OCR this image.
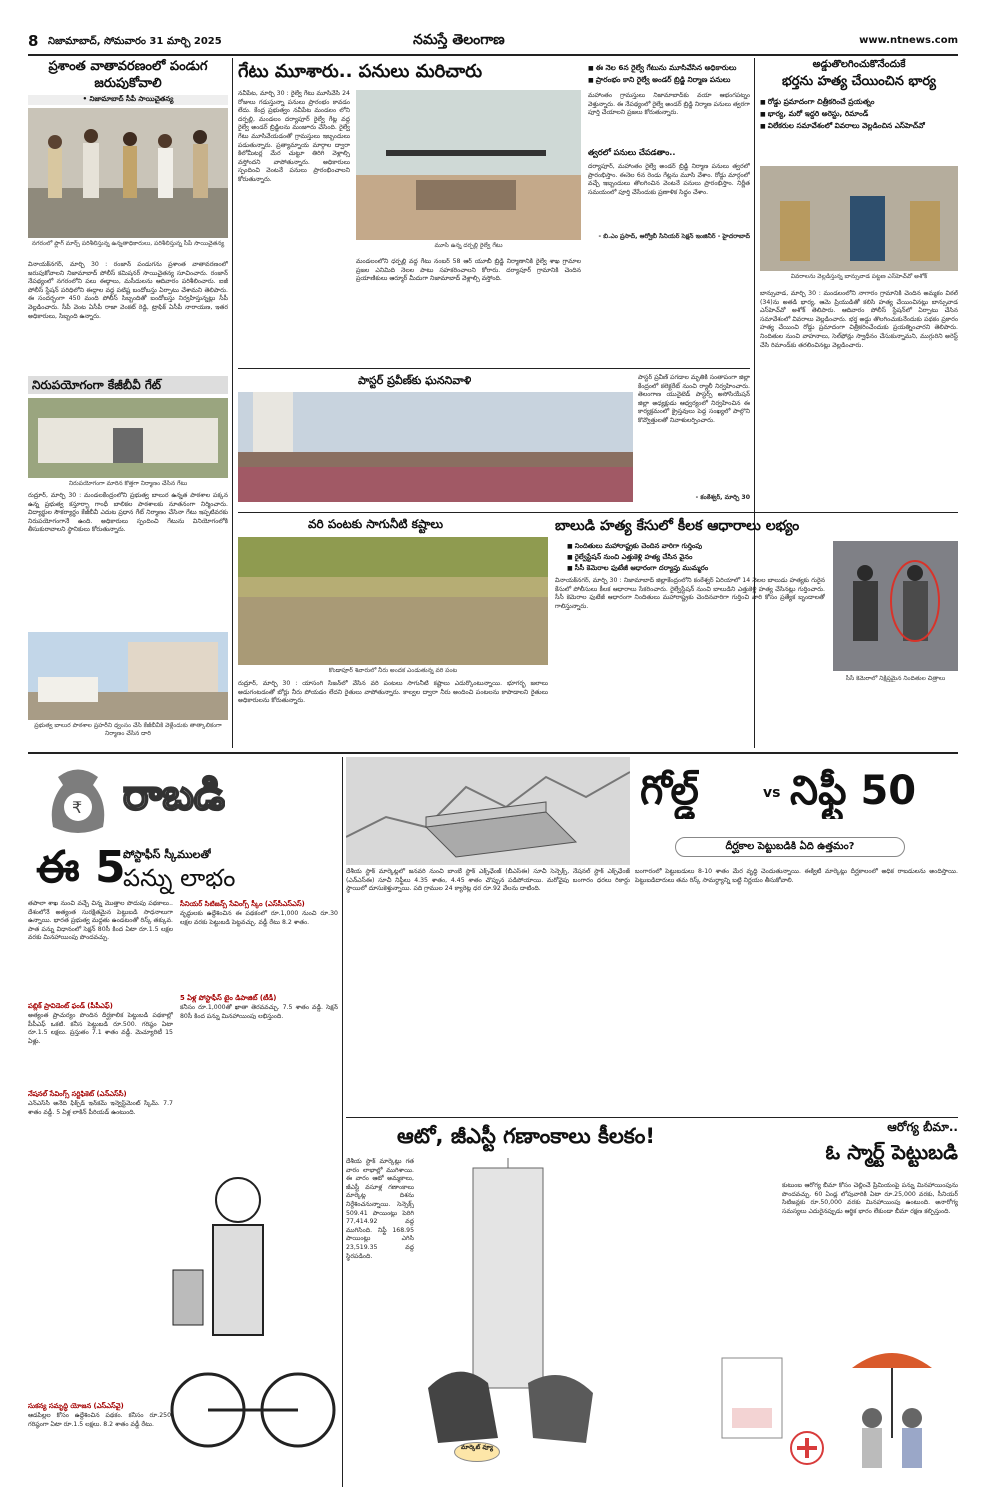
8 నిజామాబాద్, సోమవారం 31 మార్చి 2025	నమస్తే తెలంగాణ	www.ntnews.com
ప్రశాంత వాతావరణంలో పండుగ జరుపుకోవాలి
• నిజామాబాద్ సీపీ సాయిచైతన్య
నగరంలో ఫ్లాగ్ మార్చ్ పరిశీలిస్తున్న ఉన్నతాధికారులు, పరిశీలిస్తున్న సీపీ సాయిచైతన్య
వినాయక్‌నగర్, మార్చి 30 : రంజాన్ పండుగను ప్రశాంత వాతావరణంలో జరుపుకోవాలని నిజామాబాద్ పోలీస్ కమిషనర్ సాయిచైతన్య సూచించారు. రంజాన్ నేపథ్యంలో నగరంలోని పలు ఈద్గాలు, మసీదులను ఆదివారం పరిశీలించారు. ఐజీ పోలీస్ స్టేషన్ పరిధిలోని ఈద్గాల వద్ద పటిష్ట బందోబస్తు ఏర్పాటు చేశామని తెలిపారు. ఈ సందర్భంగా 450 మంది పోలీస్ సిబ్బందితో బందోబస్తు నిర్వహిస్తున్నట్లు సీపీ వెల్లడించారు. సీపీ వెంట ఏసీపీ రాజా వెంకట్ రెడ్డి, ట్రాఫిక్ ఏసీపీ నారాయణ, ఇతర అధికారులు, సిబ్బంది ఉన్నారు.
నిరుపయోగంగా కేజీబీవీ గేట్
నిరుపయోగంగా మారిన కొత్తగా నిర్మాణం చేసిన గేటు
రుద్రూర్, మార్చి 30 : మండలకేంద్రంలోని ప్రభుత్వ బాలుర ఉన్నత పాఠశాల పక్కన ఉన్న ప్రభుత్వ కస్తూర్బా గాంధీ బాలికల పాఠశాలకు నూతనంగా నిర్మించారు. విద్యార్థుల సౌకర్యార్థం కేజీబీవీ ఎదుట ప్రధాన గేట్ నిర్మాణం చేసినా గేటు ఇప్పటివరకు నిరుపయోగంగానే ఉంది. అధికారులు స్పందించి గేటును వినియోగంలోకి తీసుకురావాలని స్థానికులు కోరుతున్నారు.
ప్రభుత్వ బాలుర పాఠశాల ప్రహరీని ధ్వంసం చేసి కేజీబీవీకి వెళ్లేందుకు తాత్కాలికంగా నిర్మాణం చేసిన దారి
గేటు మూశారు.. పనులు మరిచారు
నవీపేట, మార్చి 30 : రైల్వే గేటు మూసివేసి 24 రోజులు గడుస్తున్నా పనులు ప్రారంభం కావడం లేదు. కేంద్ర ప్రభుత్వం నవీపేట మండలం లోని దర్పల్లి, మండలం దర్యాపూర్ రైల్వే గేట్ల వద్ద రైల్వే అండర్ బ్రిడ్జిలను మంజూరు చేసింది. రైల్వే గేటు మూసివేయడంతో గ్రామస్తులు ఇబ్బందులు పడుతున్నారు. ప్రత్యామ్నాయ మార్గాల ద్వారా కిలోమీటర్ల మేర చుట్టూ తిరిగి వెళ్లాల్సి వస్తోందని వాపోతున్నారు. అధికారులు స్పందించి వెంటనే పనులు ప్రారంభించాలని కోరుతున్నారు.
మూసి ఉన్న దర్పల్లి రైల్వే గేటు
మండలంలోని ధర్పల్లి వద్ద గేటు నంబర్ 58 ఆర్ యూబీ బ్రిడ్జి నిర్మాణానికి రైల్వే శాఖ గ్రామాల ప్రజల ఎనిమిది నెలల పాటు సహకరించాలని కోరారు. దర్యాపూర్ గ్రామానికి చెందిన ప్రయాణికులు ఆర్మూర్ మీదుగా నిజామాబాద్ వెళ్లాల్సి వస్తోంది.
■ ఈ నెల 6న రైల్వే గేటును మూసివేసిన అధికారులు
■ ప్రారంభం కాని రైల్వే అండర్ బ్రిడ్జి నిర్మాణ పనులు
మహాంతం గ్రామస్తులు నిజామాబాద్‌కు వయా ఆభంగపట్నం వెళ్తున్నారు. ఈ నేపథ్యంలో రైల్వే అండర్ బ్రిడ్జి నిర్మాణ పనులు త్వరగా పూర్తి చేయాలని ప్రజలు కోరుతున్నారు.
త్వరలో పనులు చేపడతాం..
దర్యాపూర్, మహాంతం రైల్వే అండర్ బ్రిడ్జి నిర్మాణ పనులు త్వరలో ప్రారంభిస్తాం. ఈనెల 6న రెండు గేట్లను మూసి వేశాం. రోడ్డు మార్గంలో వచ్చే ఇబ్బందులు తొలగించిన వెంటనే పనులు ప్రారంభిస్తాం. నిర్ణీత సమయంలో పూర్తి చేసేందుకు ప్రణాళిక సిద్ధం చేశాం.
- బి.ఎం ప్రసాద్, ఆర్వోబీ సీనియర్ సెక్షన్ ఇంజినీర్ - హైదరాబాద్
అడ్డుతొలగించుకొనేందుకే
భర్తను హత్య చేయించిన భార్య
■ రోడ్డు ప్రమాదంగా చిత్రీకరించే ప్రయత్నం
■ భార్య, మరో ఇద్దరి అరెస్టు, రిమాండ్
■ విలేకరుల సమావేశంలో వివరాలు వెల్లడించిన ఎస్‌హెచ్‌వో
వివరాలను వెల్లడిస్తున్న బాన్సువాడ పట్టణ ఎస్‌హెచ్‌వో అశోక్
బాన్సువాడ, మార్చి 30 : మండలంలోని నాగారం గ్రామానికి చెందిన అమ్మకం విఠల్ (34)ను అతడి భార్య, ఆమె ప్రియుడితో కలిసి హత్య చేయించినట్లు బాన్సువాడ ఎస్‌హెచ్‌వో అశోక్ తెలిపారు. ఆదివారం పోలీస్ స్టేషన్‌లో ఏర్పాటు చేసిన సమావేశంలో వివరాలు వెల్లడించారు. భర్త అడ్డు తొలగించుకునేందుకు పథకం ప్రకారం హత్య చేయించి రోడ్డు ప్రమాదంగా చిత్రీకరించేందుకు ప్రయత్నించారని తెలిపారు. నిందితుల నుంచి వాహనాలు, సెల్‌ఫోన్లు స్వాధీనం చేసుకున్నామని, ముగ్గురిని అరెస్ట్ చేసి రిమాండ్‌కు తరలించినట్లు వెల్లడించారు.
పాస్టర్ ప్రవీణ్‌కు ఘననివాళి	పాస్టర్ ప్రవీణ్ పగడాల మృతికి సంతాపంగా జిల్లా కేంద్రంలో కలెక్టరేట్ నుంచి ర్యాలీ నిర్వహించారు. తెలంగాణ యునైటెడ్ పాస్టర్స్ అసోసియేషన్ జిల్లా అధ్యక్షుడు ఆధ్వర్యంలో నిర్వహించిన ఈ కార్యక్రమంలో క్రైస్తవులు పెద్ద సంఖ్యలో పాల్గొని కొవ్వొత్తులతో నివాళులర్పించారు.
- కంఠేశ్వర్, మార్చి 30
వరి పంటకు సాగునీటి కష్టాలు
కొండాపూర్ శివారులో నీరు అందక ఎండుతున్న వరి పంట
రుద్రూర్, మార్చి 30 : యాసంగి సీజన్‌లో వేసిన వరి పంటలు సాగునీటి కష్టాలు ఎదుర్కొంటున్నాయి. భూగర్భ జలాలు అడుగంటడంతో బోర్లు నీరు పోయడం లేదని రైతులు వాపోతున్నారు. కాల్వల ద్వారా నీరు అందించి పంటలను కాపాడాలని రైతులు అధికారులను కోరుతున్నారు.
బాలుడి హత్య కేసులో కీలక ఆధారాలు లభ్యం
■ నిందితులు మహారాష్ట్రకు చెందిన వారిగా గుర్తింపు
■ రైల్వేస్టేషన్ నుంచి ఎత్తుకెళ్లి హత్య చేసిన వైనం
■ సీసీ కెమెరాల ఫుటేజీ ఆధారంగా దర్యాప్తు ముమ్మరం
వినాయక్‌నగర్, మార్చి 30 : నిజామాబాద్ జిల్లాకేంద్రంలోని కంఠేశ్వర్ ఏరియాలో 14 నెలల బాలుడు హత్యకు గురైన కేసులో పోలీసులు కీలక ఆధారాలు సేకరించారు. రైల్వేస్టేషన్ నుంచి బాలుడిని ఎత్తుకెళ్లి హత్య చేసినట్లు గుర్తించారు. సీసీ కెమెరాల ఫుటేజీ ఆధారంగా నిందితులు మహారాష్ట్రకు చెందినవారిగా గుర్తించి వారి కోసం ప్రత్యేక బృందాలతో గాలిస్తున్నారు.
సీసీ కెమెరాలో నిక్షిప్తమైన నిందితుల చిత్రాలు
₹ రాబడి
ఈ 5
పోస్టాఫీస్ స్కీములతో
పన్ను లాభం
తపాలా శాఖ నుంచి వచ్చే చిన్న మొత్తాల పొదుపు పథకాలు.. దేశంలోనే అత్యంత సురక్షితమైన పెట్టుబడి సాధనాలుగా ఉన్నాయి. భారత ప్రభుత్వ మద్దతు ఉండటంతో రిస్క్ తక్కువ. పాత పన్ను విధానంలో సెక్షన్ 80సీ కింద ఏటా రూ.1.5 లక్షల వరకు మినహాయింపు పొందవచ్చు.
పబ్లిక్ ప్రావిడెంట్ ఫండ్ (పీపీఎఫ్)
అత్యంత ప్రాచుర్యం పొందిన దీర్ఘకాలిక పెట్టుబడి పథకాల్లో పీపీఎఫ్ ఒకటి. కనీస పెట్టుబడి రూ.500. గరిష్ఠం ఏటా రూ.1.5 లక్షలు. ప్రస్తుతం 7.1 శాతం వడ్డీ. మెచ్యూరిటీ 15 ఏళ్లు.
నేషనల్ సేవింగ్స్ సర్టిఫికెట్ (ఎన్‌ఎస్‌సీ)
ఎన్‌ఎస్‌సీ అనేది ఫిక్స్‌డ్ ఇన్‌కమ్ ఇన్వెస్ట్‌మెంట్ స్కీమ్. 7.7 శాతం వడ్డీ. 5 ఏళ్ల లాకిన్ పీరియడ్ ఉంటుంది.
సుకన్య సమృద్ధి యోజన (ఎస్‌ఎస్‌వై)
ఆడపిల్లల కోసం ఉద్దేశించిన పథకం. కనీసం రూ.250, గరిష్ఠంగా ఏటా రూ.1.5 లక్షలు. 8.2 శాతం వడ్డీ రేటు.
సీనియర్ సిటిజన్స్ సేవింగ్స్ స్కీం (ఎస్‌సీఎస్‌ఎస్)
వృద్ధులకు ఉద్దేశించిన ఈ పథకంలో రూ.1,000 నుంచి రూ.30 లక్షల వరకు పెట్టుబడి పెట్టవచ్చు. వడ్డీ రేటు 8.2 శాతం.
5 ఏళ్ల పోస్టాఫీస్ టైం డిపాజిట్ (టీడీ)
కనీసం రూ.1,000తో ఖాతా తెరవవచ్చు. 7.5 శాతం వడ్డీ. సెక్షన్ 80సీ కింద పన్ను మినహాయింపు లభిస్తుంది.
గోల్డ్	vs నిఫ్టీ 50
దీర్ఘకాల పెట్టుబడికి ఏది ఉత్తమం?
దేశీయ స్టాక్ మార్కెట్లలో జనవరి నుంచి బాంబే స్టాక్ ఎక్స్‌ఛేంజ్ (బీఎస్‌ఈ) సూచీ సెన్సెక్స్, నేషనల్ స్టాక్ ఎక్స్‌ఛేంజ్ (ఎన్‌ఎస్‌ఈ) సూచీ నిఫ్టీలు 4.35 శాతం, 4.45 శాతం చొప్పున పడిపోయాయి. మరోవైపు బంగారం ధరలు రికార్డు స్థాయిలో దూసుకెళ్తున్నాయి. పది గ్రాముల 24 క్యారెట్ల ధర రూ.92 వేలను దాటింది.
బంగారంలో పెట్టుబడులు 8-10 శాతం మేర వృద్ధి చెందుతున్నాయి. ఈక్విటీ మార్కెట్లు దీర్ఘకాలంలో అధిక రాబడులను అందిస్తాయి. పెట్టుబడిదారులు తమ రిస్క్ సామర్థ్యాన్ని బట్టి నిర్ణయం తీసుకోవాలి.
ఆటో, జీఎస్టీ గణాంకాలు కీలకం!
దేశీయ స్టాక్ మార్కెట్లు గత వారం లాభాల్లో ముగిశాయి. ఈ వారం ఆటో అమ్మకాలు, జీఎస్టీ వసూళ్ల గణాంకాలు మార్కెట్ల దిశను నిర్దేశించనున్నాయి. సెన్సెక్స్ 509.41 పాయింట్లు పెరిగి 77,414.92 వద్ద ముగిసింది. నిఫ్టీ 168.95 పాయింట్లు ఎగిసి 23,519.35 వద్ద స్థిరపడింది.
మార్కెట్ వ్యూ
ఆరోగ్య బీమా..
ఓ స్మార్ట్ పెట్టుబడి
కుటుంబ ఆరోగ్య బీమా కోసం చెల్లించే ప్రీమియంపై పన్ను మినహాయింపును పొందవచ్చు. 60 ఏండ్ల లోపువారికి ఏటా రూ.25,000 వరకు, సీనియర్ సిటిజన్లకు రూ.50,000 వరకు మినహాయింపు ఉంటుంది. అనారోగ్య సమస్యలు ఎదురైనప్పుడు ఆర్థిక భారం లేకుండా బీమా రక్షణ కల్పిస్తుంది.
